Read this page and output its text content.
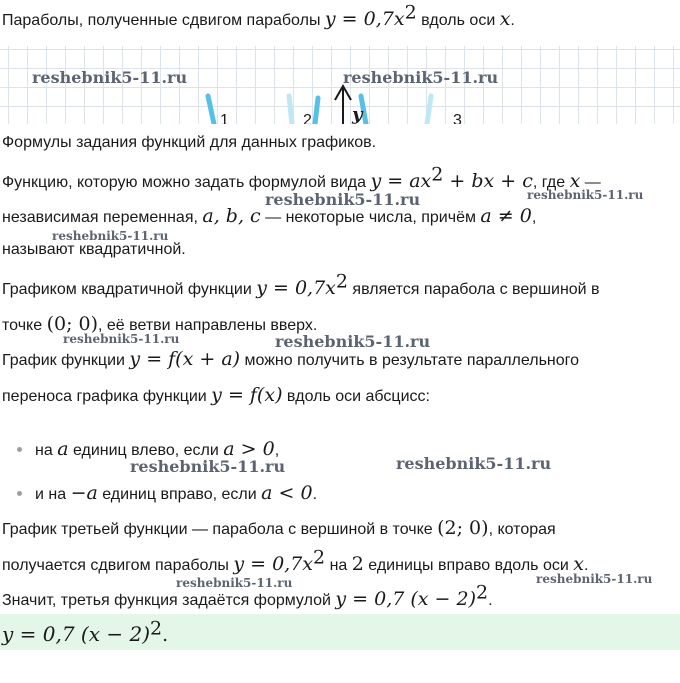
Параболы, полученные сдвигом параболы $y = 0,7x^2$ вдоль оси x.
1	2 y	3
reshebnik5-11.ru	reshebnik5-11.ru
Формулы задания функций для данных графиков.
Функцию, которую можно задать формулой вида $y = ax^2$ + bx + c, где x —
reshebnik5-11.ru	reshebnik5-11.ru
независимая переменная, a, b, c — некоторые числа, причём a ≠ 0,
reshebnik5-11.ru
называют квадратичной.
Графиком квадратичной функции $y = 0,7x^2$ является парабола с вершиной в
точке (0; 0), её ветви направлены вверх.
reshebnik5-11.ru	reshebnik5-11.ru
График функции y = f(x + a) можно получить в результате параллельного
переноса графика функции y = f(x) вдоль оси абсцисс:
на a единиц влево, если a > 0,
reshebnik5-11.ru	reshebnik5-11.ru
и на −a единиц вправо, если a < 0.
График третьей функции — парабола с вершиной в точке (2; 0), которая
получается сдвигом параболы $y = 0,7x^2$ на 2 единицы вправо вдоль оси x.
reshebnik5-11.ru	reshebnik5-11.ru
Значит, третья функция задаётся формулой y = 0,7 $(x - 2)^2$.
y = 0,7 $(x - 2)^2$.
